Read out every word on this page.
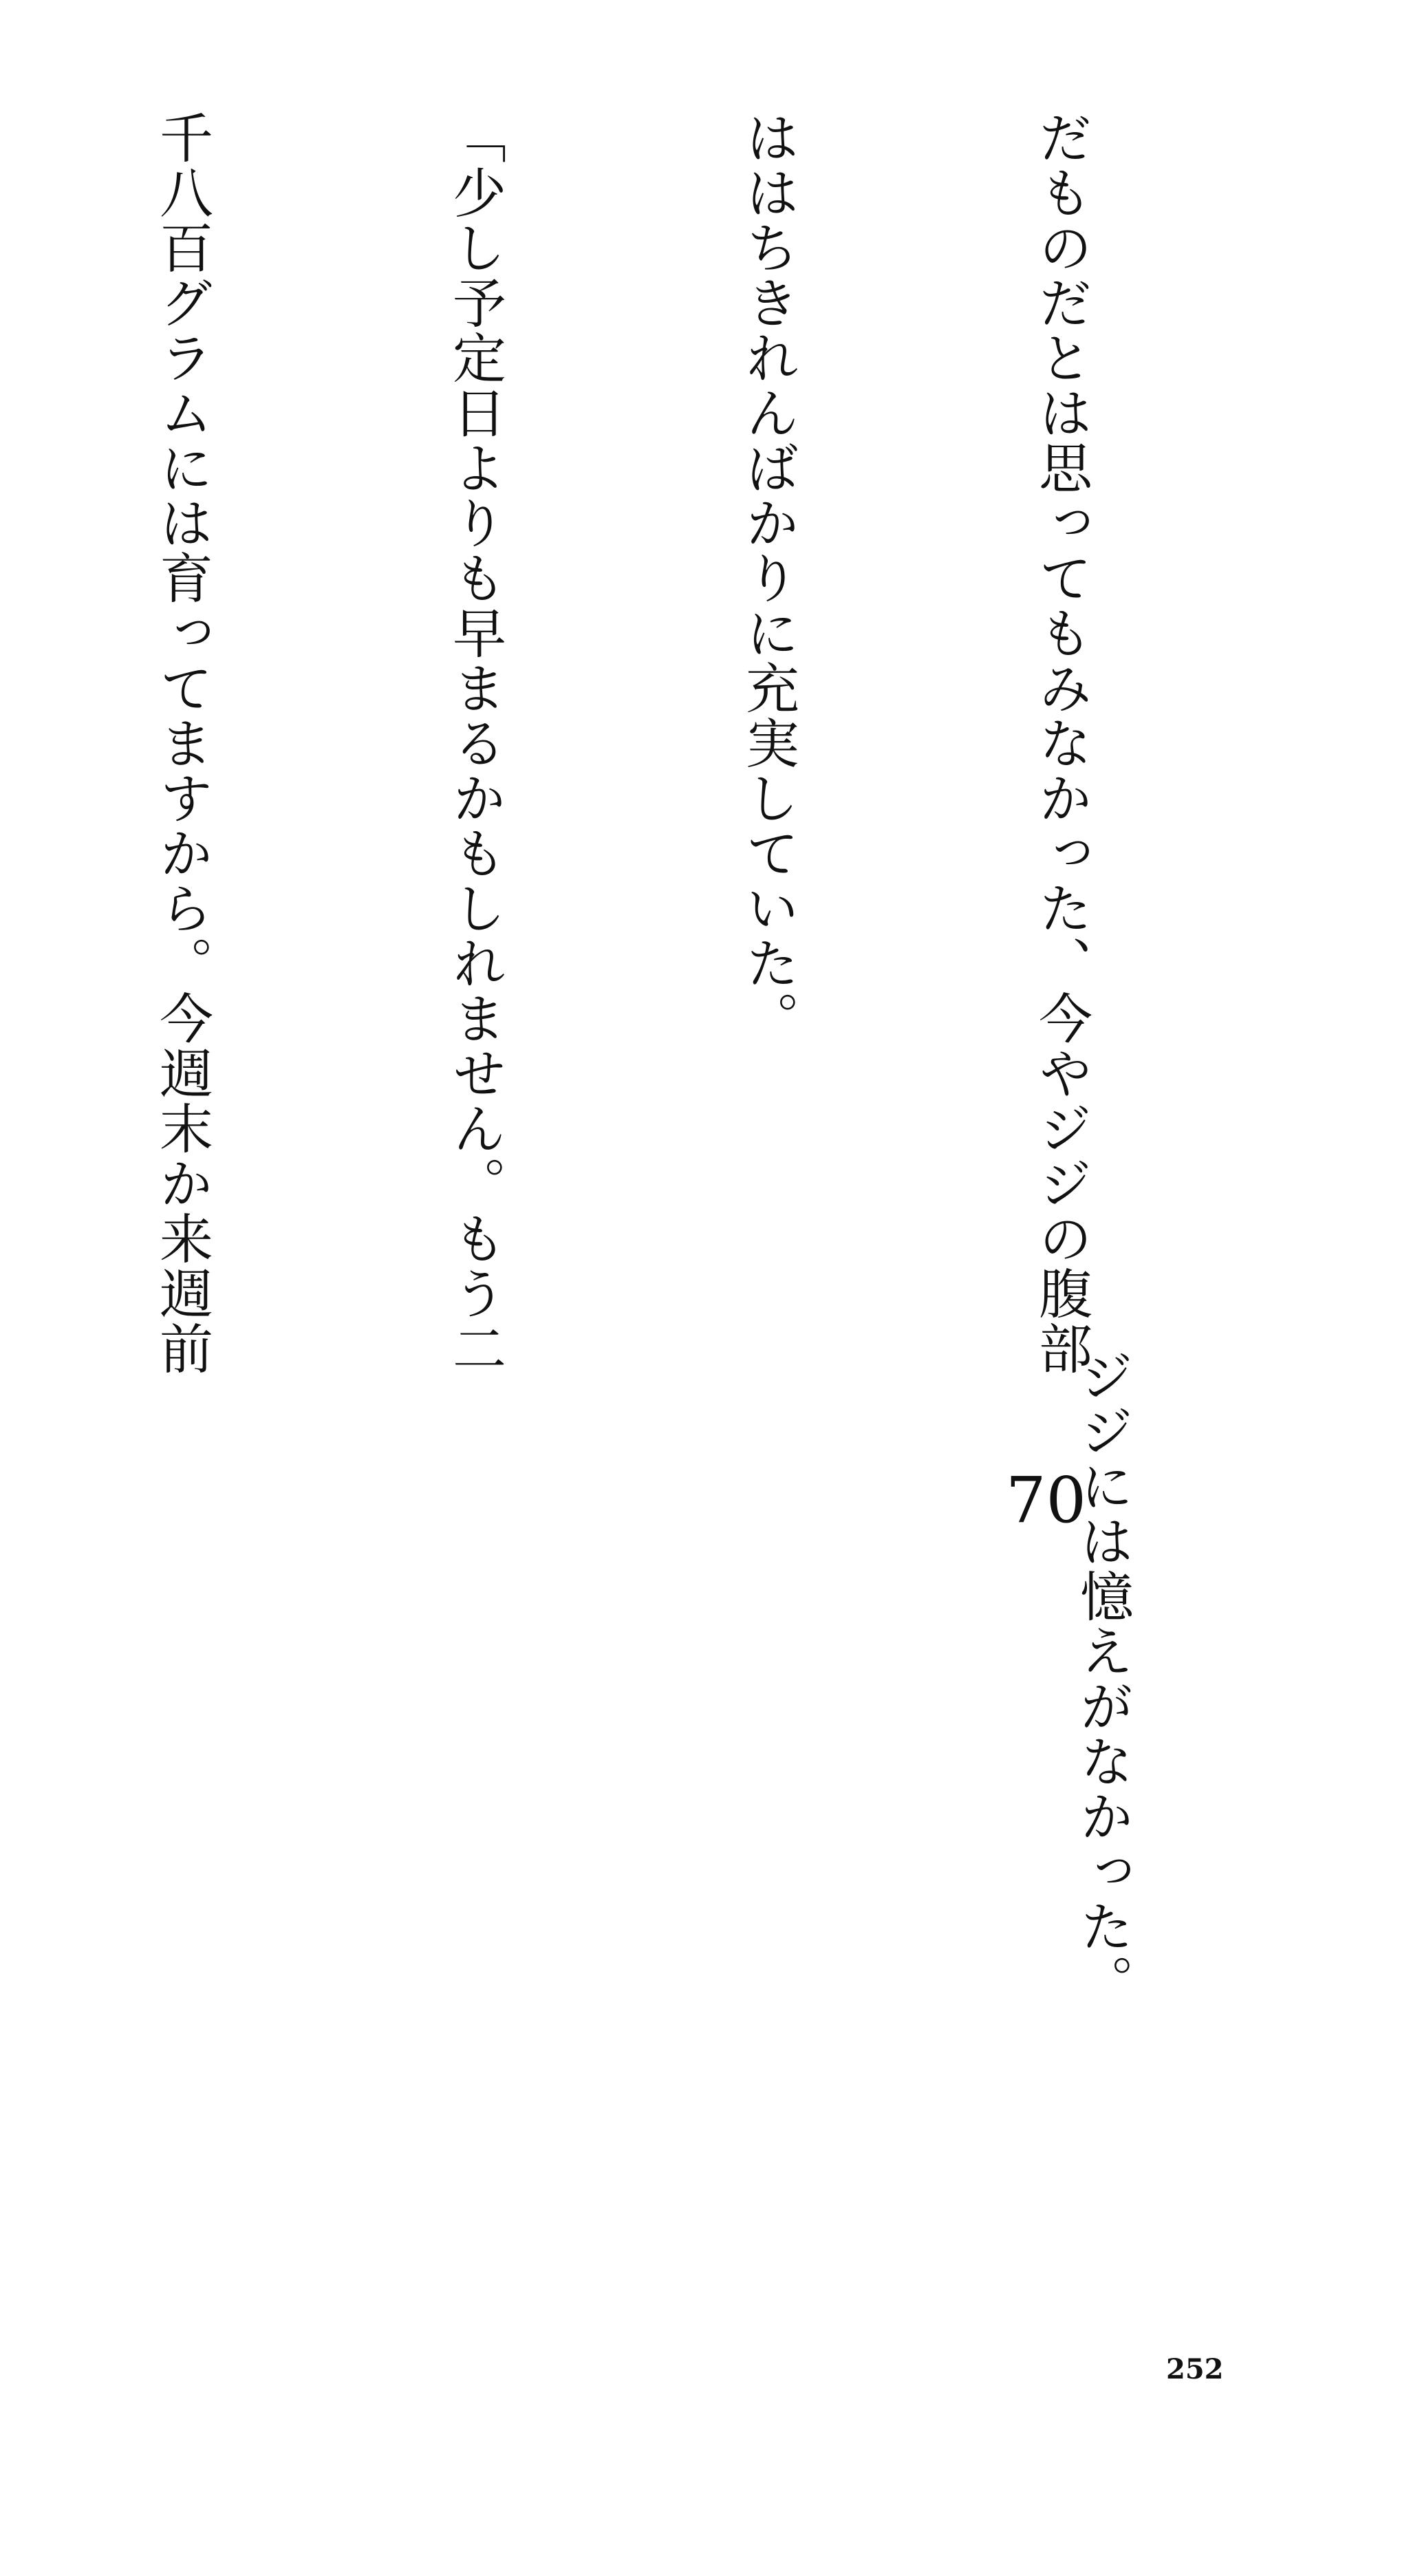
だものだとは思ってもみなかった、今やジジの腹部

ははちきれんばかりに充実していた。

「少し予定日よりも早まるかもしれません。もう二

千八百グラムには育ってますから。今週末か来週前

70

　ジジには憶えがなかった。

252
